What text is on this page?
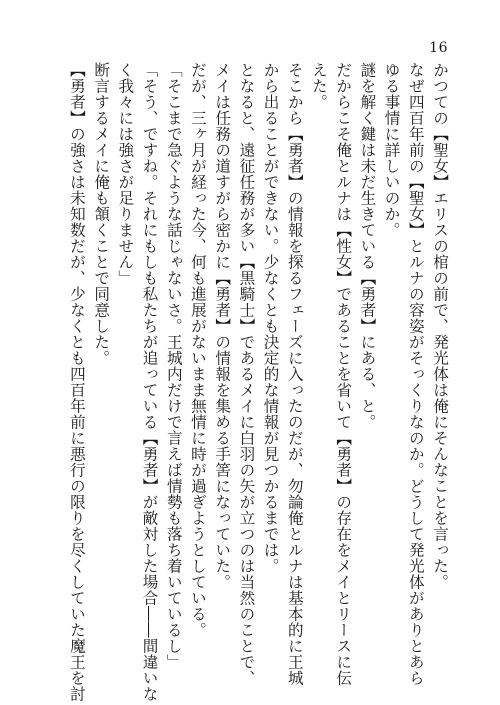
16
かつての【聖女】エリスの棺の前で、発光体は俺にそんなことを言った。
なぜ四百年前の【聖女】とルナの容姿がそっくりなのか。どうして発光体がありとあら
ゆる事情に詳しいのか。
謎を解く鍵は未だ生きている【勇者】にある、と。
だからこそ俺とルナは【性女】であることを省いて【勇者】の存在をメイとリースに伝
えた。
そこから【勇者】の情報を探るフェーズに入ったのだが、勿論俺とルナは基本的に王城
から出ることができない。少なくとも決定的な情報が見つかるまでは。
となると、遠征任務が多い【黒騎士】であるメイに白羽の矢が立つのは当然のことで、
メイは任務の道すがら密かに【勇者】の情報を集める手筈になっていた。
だが、三ヶ月が経った今、何も進展がないまま無情に時が過ぎようとしている。
「そこまで急ぐような話じゃないさ。王城内だけで言えば情勢も落ち着いているし」
「そう、ですね。それにもしも私たちが追っている【勇者】が敵対した場合――間違いな
く我々には強さが足りません」
断言するメイに俺も頷くことで同意した。
【勇者】の強さは未知数だが、少なくとも四百年前に悪行の限りを尽くしていた魔王を討
